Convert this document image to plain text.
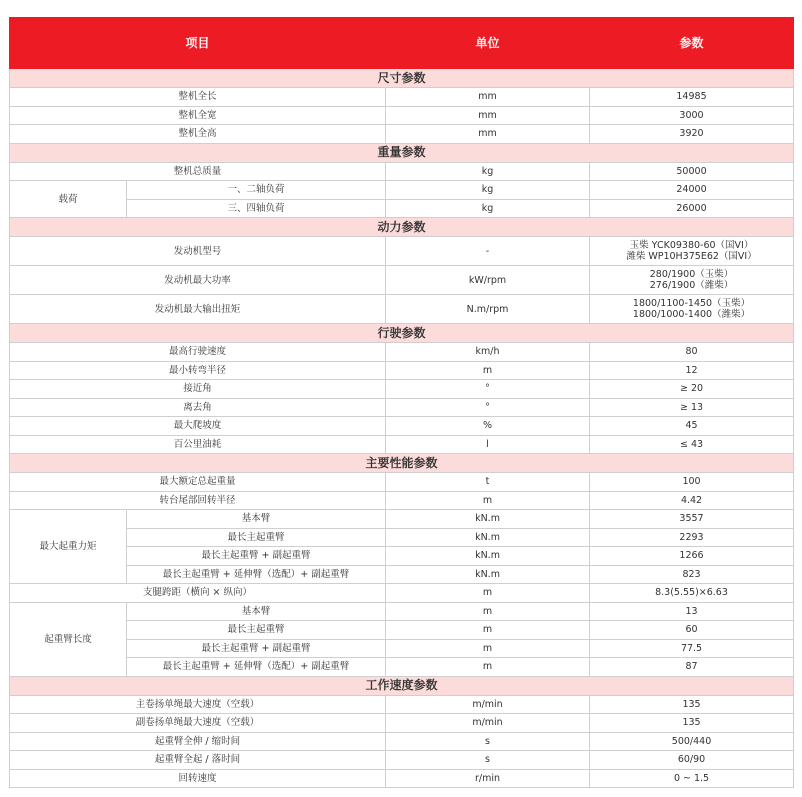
项目		单位	参数
尺寸参数			
整机全长		mm	14985
整机全宽		mm	3000
整机全高		mm	3920
重量参数			
整机总质量		kg	50000
载荷	一、二轴负荷	kg	24000
	三、四轴负荷	kg	26000
动力参数			
发动机型号		-	玉柴 YCK09380-60（国VI）
潍柴 WP10H375E62（国VI）

发动机最大功率		kW/rpm	280/1900（玉柴）
276/1900（潍柴）

发动机最大输出扭矩		N.m/rpm	1800/1100-1450（玉柴）
1800/1000-1400（潍柴）

行驶参数			
最高行驶速度		km/h	80
最小转弯半径		m	12
接近角		°	≥ 20
离去角		°	≥ 13
最大爬坡度		%	45
百公里油耗		l	≤ 43
主要性能参数			
最大额定总起重量		t	100
转台尾部回转半径		m	4.42
最大起重力矩	基本臂	kN.m	3557
	最长主起重臂	kN.m	2293
	最长主起重臂 + 副起重臂	kN.m	1266
	最长主起重臂 + 延伸臂（选配）+ 副起重臂	kN.m	823
支腿跨距（横向 × 纵向）		m	8.3(5.55)×6.63
起重臂长度	基本臂	m	13
	最长主起重臂	m	60
	最长主起重臂 + 副起重臂	m	77.5
	最长主起重臂 + 延伸臂（选配）+ 副起重臂	m	87
工作速度参数			
主卷扬单绳最大速度（空载）		m/min	135
副卷扬单绳最大速度（空载）		m/min	135
起重臂全伸 / 缩时间		s	500/440
起重臂全起 / 落时间		s	60/90
回转速度		r/min	0 ~ 1.5
